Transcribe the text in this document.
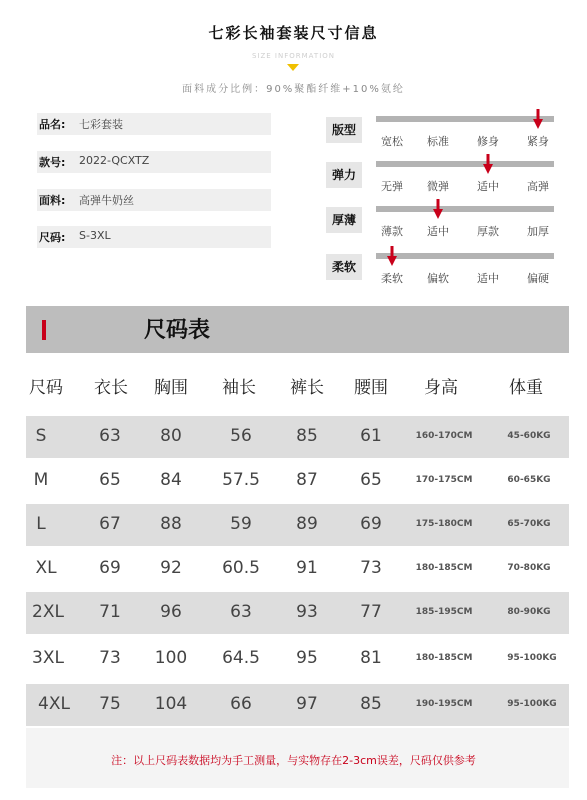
七彩长袖套装尺寸信息
SIZE INFORMATION
面料成分比例：90%聚酯纤维+10%氨纶
品名: 七彩套装
款号: 2022-QCXTZ
面料: 高弹牛奶丝
尺码: S-3XL
版型
宽松	标准	修身	紧身
弹力
无弹	微弹	适中	高弹
厚薄
薄款	适中	厚款	加厚
柔软
柔软	偏软	适中	偏硬
尺码表
尺码	衣长	胸围	袖长	裤长	腰围	身高	体重
S	63	80	56	85	61	160-170CM	45-60KG
M	65	84	57.5	87	65	170-175CM	60-65KG
L	67	88	59	89	69	175-180CM	65-70KG
XL	69	92	60.5	91	73	180-185CM	70-80KG
2XL	71	96	63	93	77	185-195CM	80-90KG
3XL	73	100	64.5	95	81	180-185CM	95-100KG
4XL	75	104	66	97	85	190-195CM	95-100KG
注：以上尺码表数据均为手工测量，与实物存在2-3cm误差，尺码仅供参考
